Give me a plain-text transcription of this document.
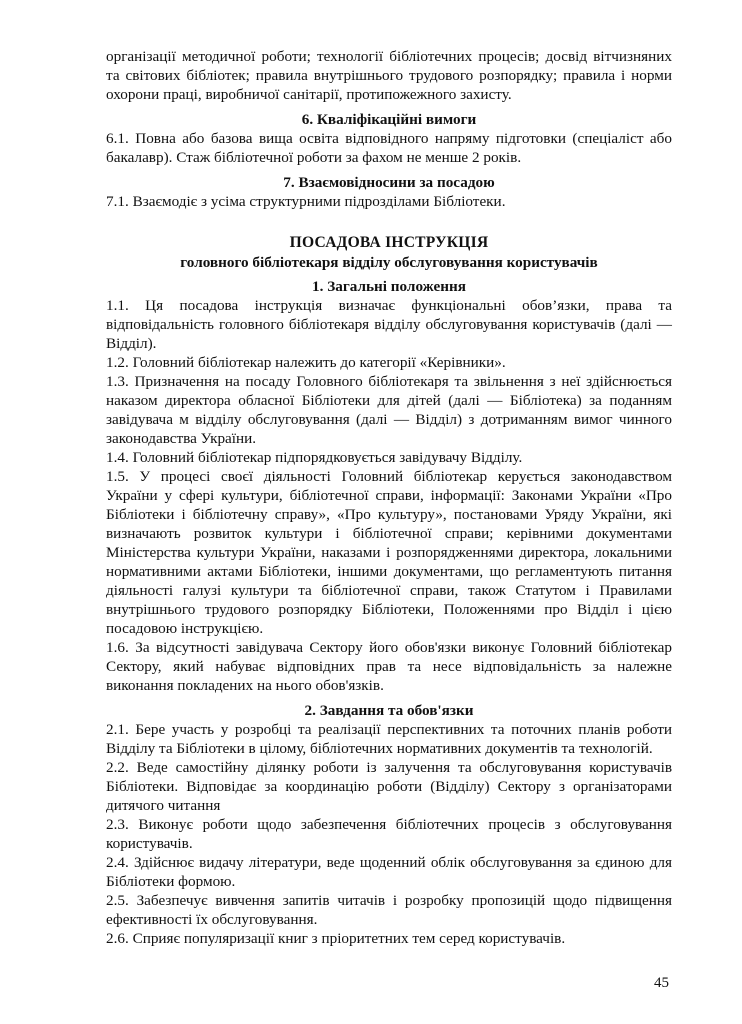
організації методичної роботи; технології бібліотечних процесів; досвід вітчизняних та світових бібліотек; правила внутрішнього трудового розпорядку; правила і норми охорони праці, виробничої санітарії, протипожежного захисту.

6. Кваліфікаційні вимоги

6.1. Повна або базова вища освіта відповідного напряму підготовки (спеціаліст або бакалавр). Стаж бібліотечної роботи за фахом не менше 2 років.

7. Взаємовідносини за посадою

7.1. Взаємодіє з усіма структурними підрозділами Бібліотеки.

ПОСАДОВА ІНСТРУКЦІЯ

головного бібліотекаря відділу обслуговування користувачів

1. Загальні положення

1.1. Ця посадова інструкція визначає функціональні обов’язки, права та відповідальність головного бібліотекаря відділу обслуговування користувачів (далі — Відділ).

1.2. Головний бібліотекар належить до категорії «Керівники».

1.3. Призначення на посаду Головного бібліотекаря та звільнення з неї здійснюється наказом директора обласної Бібліотеки для дітей (далі — Бібліотека) за поданням завідувача м відділу обслуговування (далі — Відділ) з дотриманням вимог чинного законодавства України.

1.4. Головний бібліотекар підпорядковується завідувачу Відділу.

1.5. У процесі своєї діяльності Головний бібліотекар керується законодавством України у сфері культури, бібліотечної справи, інформації: Законами України «Про Бібліотеки і бібліотечну справу», «Про культуру», постановами Уряду України, які визначають розвиток культури і бібліотечної справи; керівними документами Міністерства культури України, наказами і розпорядженнями директора, локальними нормативними актами Бібліотеки, іншими документами, що регламентують питання діяльності галузі культури та бібліотечної справи, також Статутом і Правилами внутрішнього трудового розпорядку Бібліотеки, Положеннями про Відділ і цією посадовою інструкцією.

1.6. За відсутності завідувача Сектору його обов'язки виконує Головний бібліотекар Сектору, який набуває відповідних прав та несе відповідальність за належне виконання покладених на нього обов'язків.

2. Завдання та обов'язки

2.1. Бере участь у розробці та реалізації перспективних та поточних планів роботи Відділу та Бібліотеки в цілому, бібліотечних нормативних документів та технологій.

2.2. Веде самостійну ділянку роботи із залучення та обслуговування користувачів Бібліотеки. Відповідає за координацію роботи (Відділу) Сектору з організаторами дитячого читання

2.3. Виконує роботи щодо забезпечення бібліотечних процесів з обслуговування користувачів.

2.4. Здійснює видачу літератури, веде щоденний облік обслуговування за єдиною для Бібліотеки формою.

2.5. Забезпечує вивчення запитів читачів і розробку пропозицій щодо підвищення ефективності їх обслуговування.

2.6. Сприяє популяризації книг з пріоритетних тем серед користувачів.

45
